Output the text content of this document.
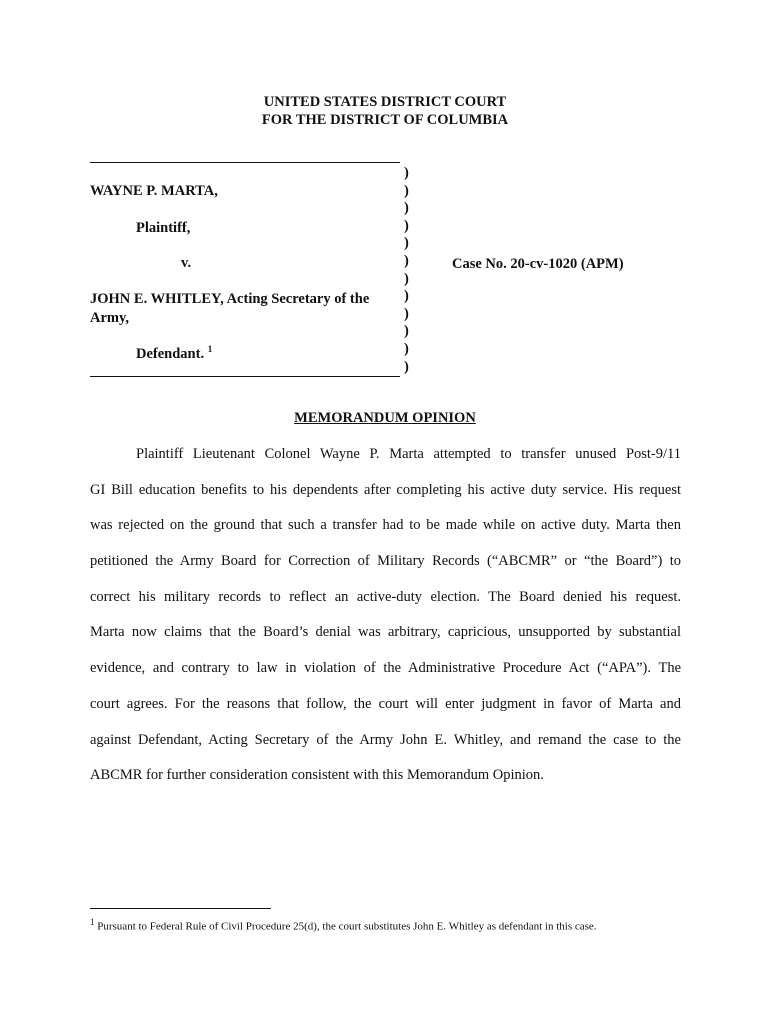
UNITED STATES DISTRICT COURT
FOR THE DISTRICT OF COLUMBIA
WAYNE P. MARTA,
Plaintiff,
v.
JOHN E. WHITLEY, Acting Secretary of the
Army,
Defendant. $^1$
)
)
)
)
)
)
)
)
)
)
)
)
Case No. 20-cv-1020 (APM)
MEMORANDUM OPINION
Plaintiff Lieutenant Colonel Wayne P. Marta attempted to transfer unused Post-9/11
GI Bill education benefits to his dependents after completing his active duty service. His request
was rejected on the ground that such a transfer had to be made while on active duty. Marta then
petitioned the Army Board for Correction of Military Records (“ABCMR” or “the Board”) to
correct his military records to reflect an active-duty election. The Board denied his request.
Marta now claims that the Board’s denial was arbitrary, capricious, unsupported by substantial
evidence, and contrary to law in violation of the Administrative Procedure Act (“APA”). The
court agrees. For the reasons that follow, the court will enter judgment in favor of Marta and
against Defendant, Acting Secretary of the Army John E. Whitley, and remand the case to the
ABCMR for further consideration consistent with this Memorandum Opinion.
$^1$ Pursuant to Federal Rule of Civil Procedure 25(d), the court substitutes John E. Whitley as defendant in this case.
